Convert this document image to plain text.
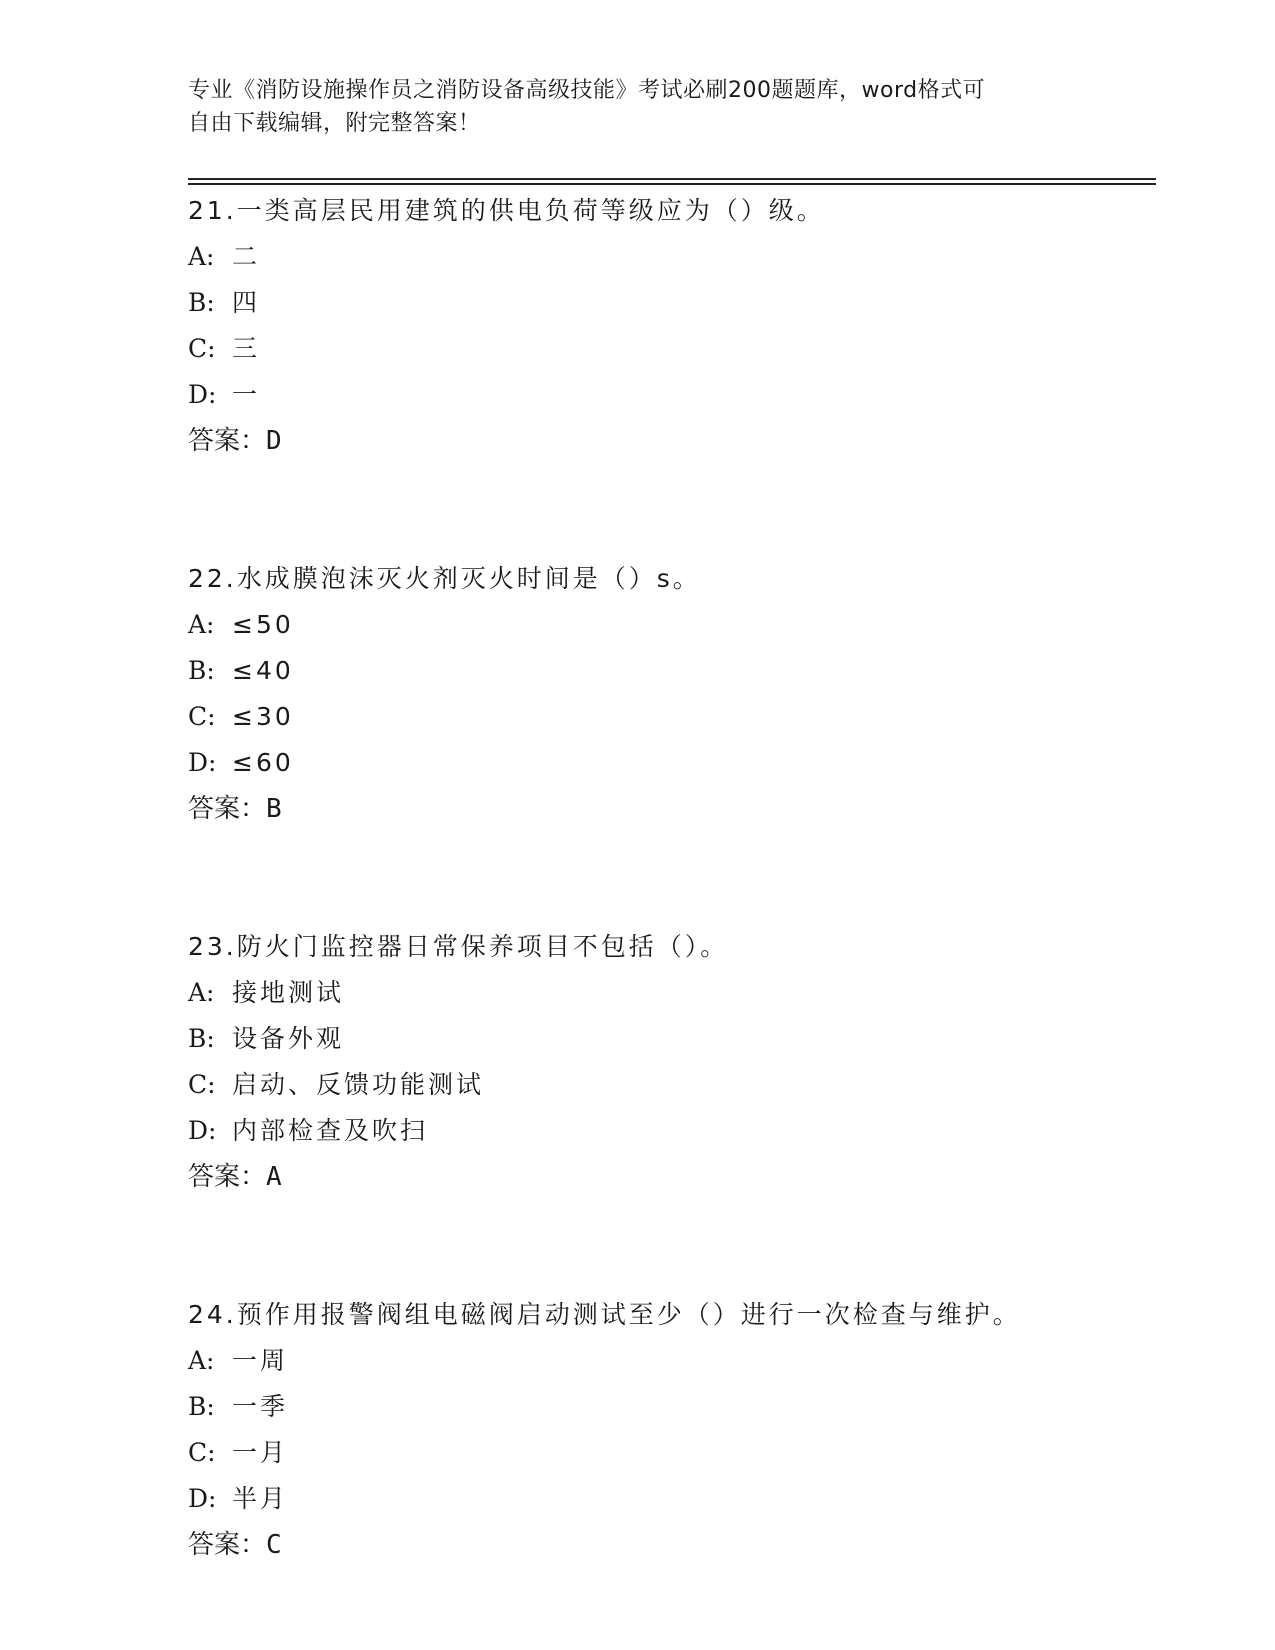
专业《消防设施操作员之消防设备高级技能》考试必刷200题题库，word格式可
自由下载编辑，附完整答案！
21.一类高层民用建筑的供电负荷等级应为（）级。
A: 二
B: 四
C: 三
D: 一
答案：D
22.水成膜泡沫灭火剂灭火时间是（）s。
A: ≤50
B: ≤40
C: ≤30
D: ≤60
答案：B
23.防火门监控器日常保养项目不包括（）。
A: 接地测试
B: 设备外观
C: 启动、反馈功能测试
D: 内部检查及吹扫
答案：A
24.预作用报警阀组电磁阀启动测试至少（）进行一次检查与维护。
A: 一周
B: 一季
C: 一月
D: 半月
答案：C
